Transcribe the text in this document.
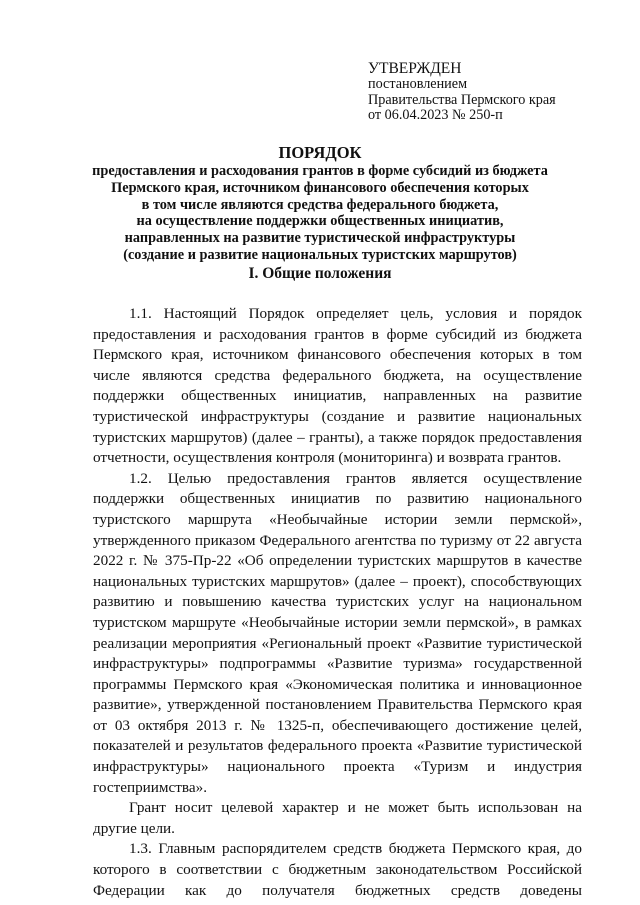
УТВЕРЖДЕН
постановлением
Правительства Пермского края
от 06.04.2023 № 250-п
ПОРЯДОК
предоставления и расходования грантов в форме субсидий из бюджета
Пермского края, источником финансового обеспечения которых
в том числе являются средства федерального бюджета,
на осуществление поддержки общественных инициатив,
направленных на развитие туристической инфраструктуры
(создание и развитие национальных туристских маршрутов)
I. Общие положения

1.1. Настоящий Порядок определяет цель, условия и порядок предоставления и расходования грантов в форме субсидий из бюджета Пермского края, источником финансового обеспечения которых в том числе являются средства федерального бюджета, на осуществление поддержки общественных инициатив, направленных на развитие туристической инфраструктуры (создание и развитие национальных туристских маршрутов) (далее – гранты), а также порядок предоставления отчетности, осуществления контроля (мониторинга) и возврата грантов.

1.2. Целью предоставления грантов является осуществление поддержки общественных инициатив по развитию национального туристского маршрута «Необычайные истории земли пермской», утвержденного приказом Федерального агентства по туризму от 22 августа 2022 г. № 375-Пр-22 «Об определении туристских маршрутов в качестве национальных туристских маршрутов» (далее – проект), способствующих развитию и повышению качества туристских услуг на национальном туристском маршруте «Необычайные истории земли пермской», в рамках реализации мероприятия «Региональный проект «Развитие туристической инфраструктуры» подпрограммы «Развитие туризма» государственной программы Пермского края «Экономическая политика и инновационное развитие», утвержденной постановлением Правительства Пермского края от 03 октября 2013 г. № 1325-п, обеспечивающего достижение целей, показателей и результатов федерального проекта «Развитие туристической инфраструктуры» национального проекта «Туризм и индустрия гостеприимства».

Грант носит целевой характер и не может быть использован на другие цели.

1.3. Главным распорядителем средств бюджета Пермского края, до которого в соответствии с бюджетным законодательством Российской Федерации как до получателя бюджетных средств доведены
